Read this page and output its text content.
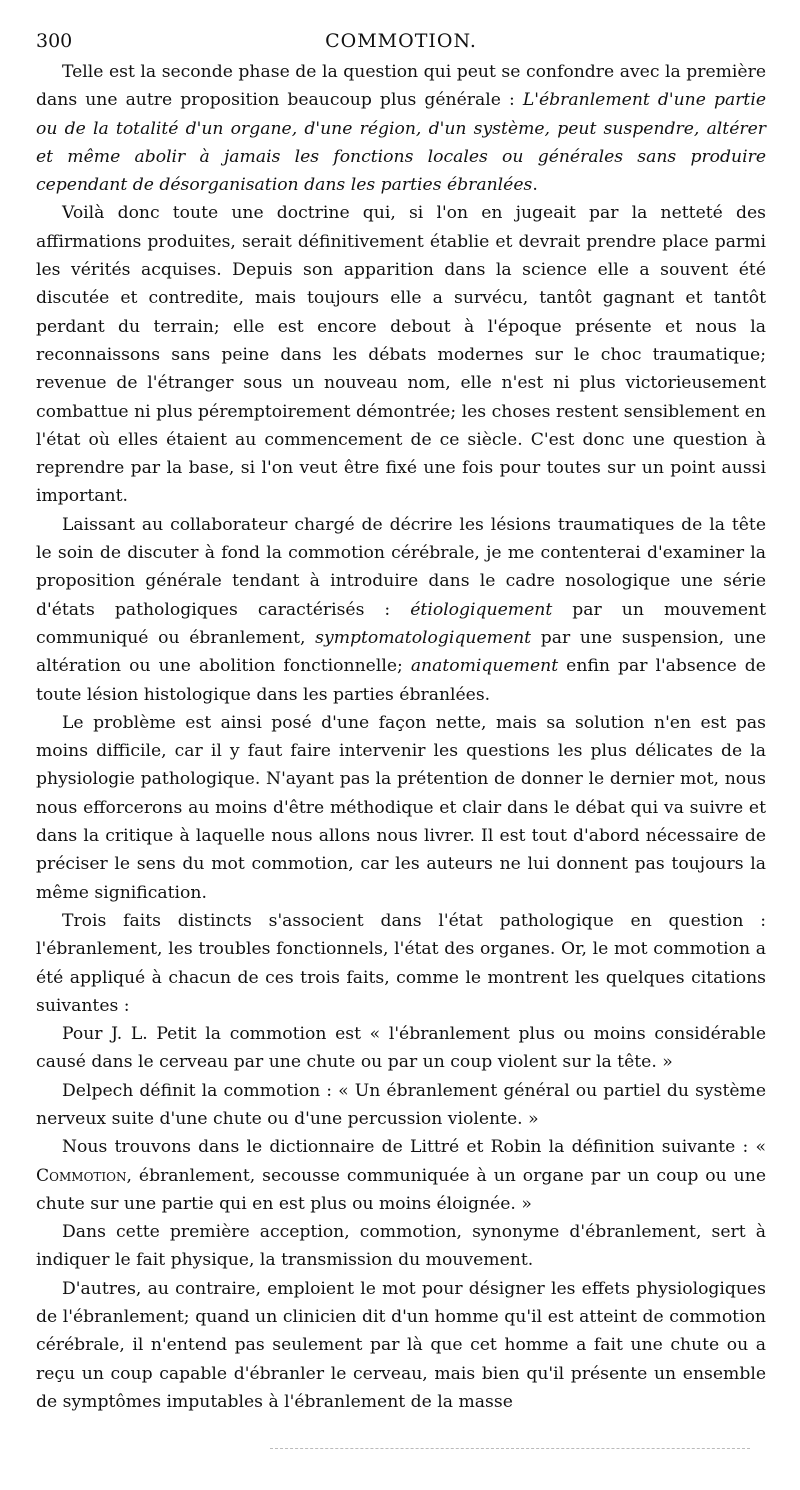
300	COMMOTION.

Telle est la seconde phase de la question qui peut se confondre avec la première dans une autre proposition beaucoup plus générale : L'ébranlement d'une partie ou de la totalité d'un organe, d'une région, d'un système, peut suspendre, altérer et même abolir à jamais les fonctions locales ou générales sans produire cependant de désorganisation dans les parties ébranlées.

Voilà donc toute une doctrine qui, si l'on en jugeait par la netteté des affirmations produites, serait définitivement établie et devrait prendre place parmi les vérités acquises. Depuis son apparition dans la science elle a souvent été discutée et contredite, mais toujours elle a survécu, tantôt gagnant et tantôt perdant du terrain; elle est encore debout à l'époque présente et nous la reconnaissons sans peine dans les débats modernes sur le choc traumatique; revenue de l'étranger sous un nouveau nom, elle n'est ni plus victorieusement combattue ni plus péremptoirement démontrée; les choses restent sensiblement en l'état où elles étaient au commencement de ce siècle. C'est donc une question à reprendre par la base, si l'on veut être fixé une fois pour toutes sur un point aussi important.

Laissant au collaborateur chargé de décrire les lésions traumatiques de la tête le soin de discuter à fond la commotion cérébrale, je me contenterai d'examiner la proposition générale tendant à introduire dans le cadre nosologique une série d'états pathologiques caractérisés : étiologiquement par un mouvement communiqué ou ébranlement, symptomatologiquement par une suspension, une altération ou une abolition fonctionnelle; anatomiquement enfin par l'absence de toute lésion histologique dans les parties ébranlées.

Le problème est ainsi posé d'une façon nette, mais sa solution n'en est pas moins difficile, car il y faut faire intervenir les questions les plus délicates de la physiologie pathologique. N'ayant pas la prétention de donner le dernier mot, nous nous efforcerons au moins d'être méthodique et clair dans le débat qui va suivre et dans la critique à laquelle nous allons nous livrer. Il est tout d'abord nécessaire de préciser le sens du mot commotion, car les auteurs ne lui donnent pas toujours la même signification.

Trois faits distincts s'associent dans l'état pathologique en question : l'ébranlement, les troubles fonctionnels, l'état des organes. Or, le mot commotion a été appliqué à chacun de ces trois faits, comme le montrent les quelques citations suivantes :

Pour J. L. Petit la commotion est « l'ébranlement plus ou moins considérable causé dans le cerveau par une chute ou par un coup violent sur la tête. »

Delpech définit la commotion : « Un ébranlement général ou partiel du système nerveux suite d'une chute ou d'une percussion violente. »

Nous trouvons dans le dictionnaire de Littré et Robin la définition suivante : « Commotion, ébranlement, secousse communiquée à un organe par un coup ou une chute sur une partie qui en est plus ou moins éloignée. »

Dans cette première acception, commotion, synonyme d'ébranlement, sert à indiquer le fait physique, la transmission du mouvement.

D'autres, au contraire, emploient le mot pour désigner les effets physiologiques de l'ébranlement; quand un clinicien dit d'un homme qu'il est atteint de commotion cérébrale, il n'entend pas seulement par là que cet homme a fait une chute ou a reçu un coup capable d'ébranler le cerveau, mais bien qu'il présente un ensemble de symptômes imputables à l'ébranlement de la masse
